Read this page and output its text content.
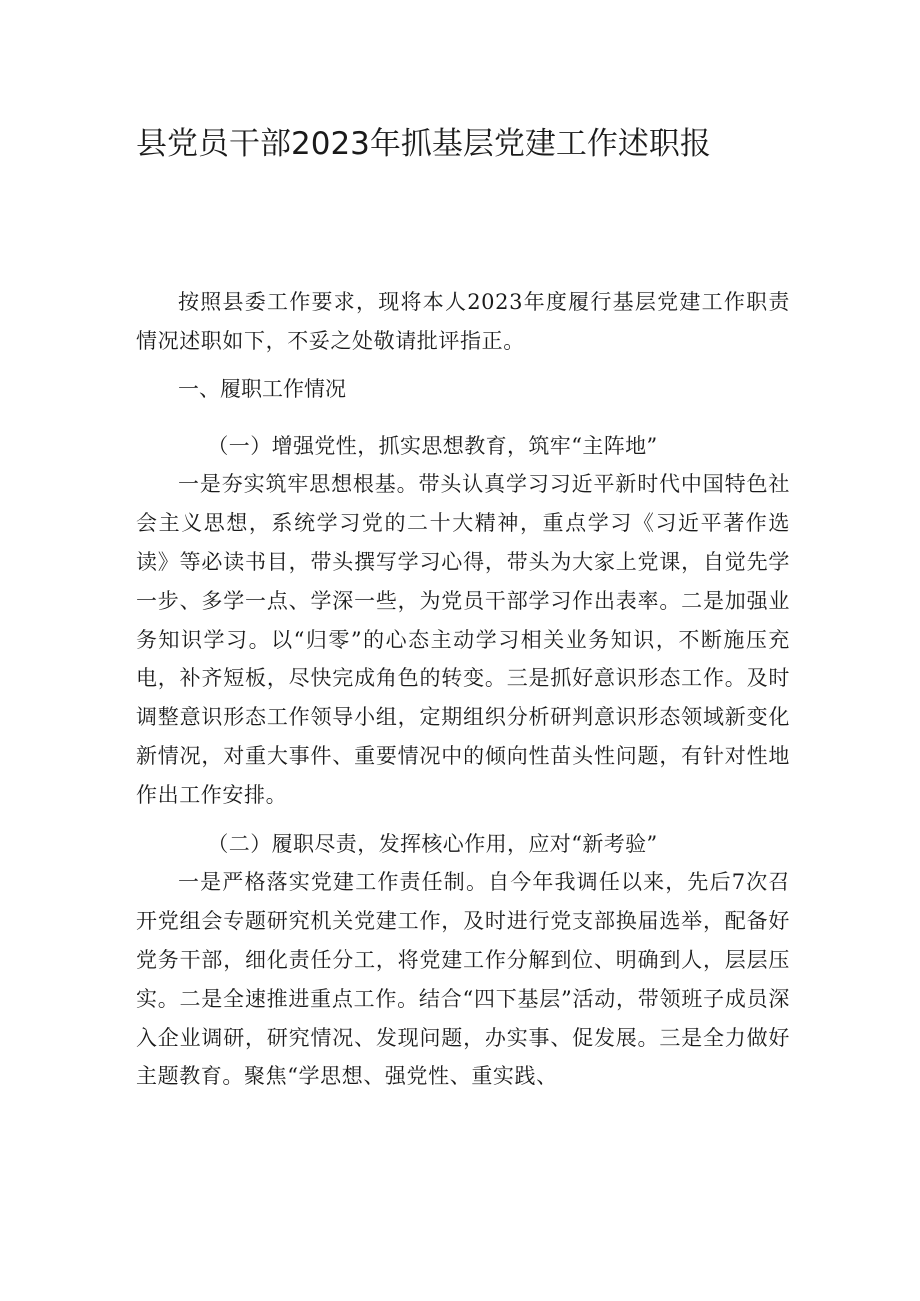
县党员干部2023年抓基层党建工作述职报

按照县委工作要求，现将本人2023年度履行基层党建工作职责情况述职如下，不妥之处敬请批评指正。

一、履职工作情况

（一）增强党性，抓实思想教育，筑牢“主阵地”

一是夯实筑牢思想根基。带头认真学习习近平新时代中国特色社会主义思想，系统学习党的二十大精神，重点学习《习近平著作选读》等必读书目，带头撰写学习心得，带头为大家上党课，自觉先学一步、多学一点、学深一些，为党员干部学习作出表率。二是加强业务知识学习。以“归零”的心态主动学习相关业务知识，不断施压充电，补齐短板，尽快完成角色的转变。三是抓好意识形态工作。及时调整意识形态工作领导小组，定期组织分析研判意识形态领域新变化新情况，对重大事件、重要情况中的倾向性苗头性问题，有针对性地作出工作安排。

（二）履职尽责，发挥核心作用，应对“新考验”

一是严格落实党建工作责任制。自今年我调任以来，先后7次召开党组会专题研究机关党建工作，及时进行党支部换届选举，配备好党务干部，细化责任分工，将党建工作分解到位、明确到人，层层压实。二是全速推进重点工作。结合“四下基层”活动，带领班子成员深入企业调研，研究情况、发现问题，办实事、促发展。三是全力做好主题教育。聚焦“学思想、强党性、重实践、
